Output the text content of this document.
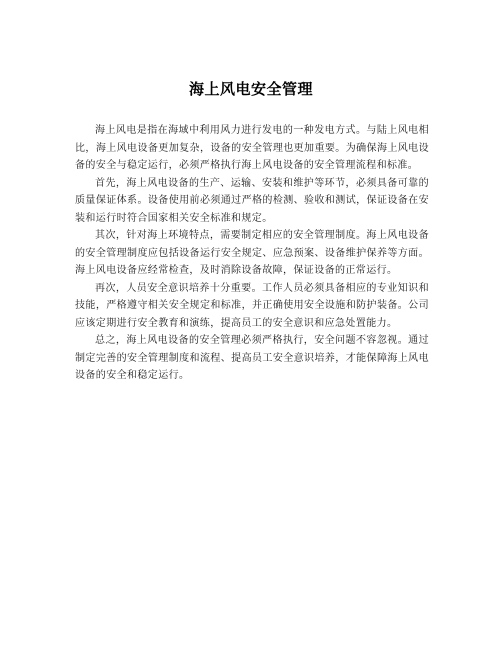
海上风电安全管理

海上风电是指在海域中利用风力进行发电的一种发电方式。与陆上风电相比，海上风电设备更加复杂，设备的安全管理也更加重要。为确保海上风电设备的安全与稳定运行，必须严格执行海上风电设备的安全管理流程和标准。

首先，海上风电设备的生产、运输、安装和维护等环节，必须具备可靠的质量保证体系。设备使用前必须通过严格的检测、验收和测试，保证设备在安装和运行时符合国家相关安全标准和规定。

其次，针对海上环境特点，需要制定相应的安全管理制度。海上风电设备的安全管理制度应包括设备运行安全规定、应急预案、设备维护保养等方面。海上风电设备应经常检查，及时消除设备故障，保证设备的正常运行。

再次，人员安全意识培养十分重要。工作人员必须具备相应的专业知识和技能，严格遵守相关安全规定和标准，并正确使用安全设施和防护装备。公司应该定期进行安全教育和演练，提高员工的安全意识和应急处置能力。

总之，海上风电设备的安全管理必须严格执行，安全问题不容忽视。通过制定完善的安全管理制度和流程、提高员工安全意识培养，才能保障海上风电设备的安全和稳定运行。
